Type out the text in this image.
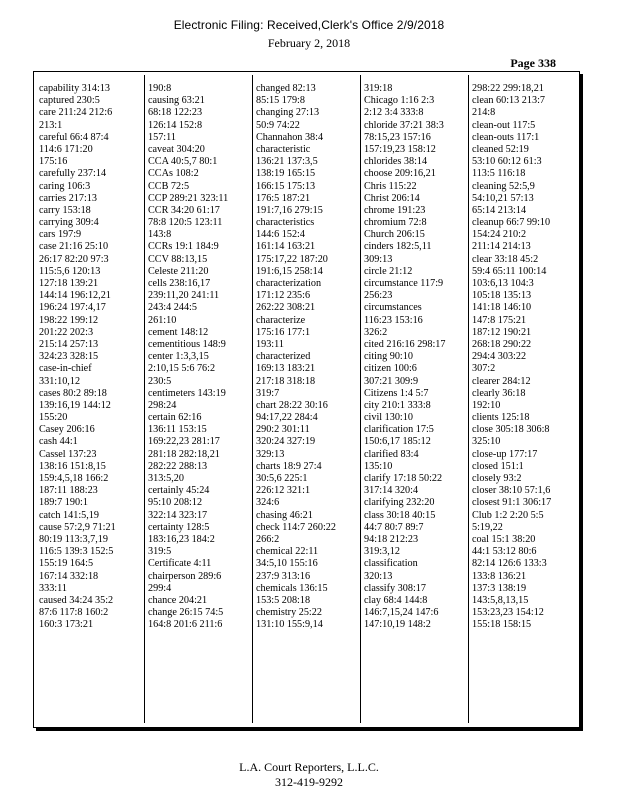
Electronic Filing: Received,Clerk's Office 2/9/2018
February 2, 2018
Page 338
capability 314:13
captured 230:5
care 211:24 212:6
213:1
careful 66:4 87:4
114:6 171:20
175:16
carefully 237:14
caring 106:3
carries 217:13
carry 153:18
carrying 309:4
cars 197:9
case 21:16 25:10
26:17 82:20 97:3
115:5,6 120:13
127:18 139:21
144:14 196:12,21
196:24 197:4,17
198:22 199:12
201:22 202:3
215:14 257:13
324:23 328:15
case-in-chief
331:10,12
cases 80:2 89:18
139:16,19 144:12
155:20
Casey 206:16
cash 44:1
Cassel 137:23
138:16 151:8,15
159:4,5,18 166:2
187:11 188:23
189:7 190:1
catch 141:5,19
cause 57:2,9 71:21
80:19 113:3,7,19
116:5 139:3 152:5
155:19 164:5
167:14 332:18
333:11
caused 34:24 35:2
87:6 117:8 160:2
160:3 173:21
190:8
causing 63:21
68:18 122:23
126:14 152:8
157:11
caveat 304:20
CCA 40:5,7 80:1
CCAs 108:2
CCB 72:5
CCP 289:21 323:11
CCR 34:20 61:17
78:8 120:5 123:11
143:8
CCRs 19:1 184:9
CCV 88:13,15
Celeste 211:20
cells 238:16,17
239:11,20 241:11
243:4 244:5
261:10
cement 148:12
cementitious 148:9
center 1:3,3,15
2:10,15 5:6 76:2
230:5
centimeters 143:19
298:24
certain 62:16
136:11 153:15
169:22,23 281:17
281:18 282:18,21
282:22 288:13
313:5,20
certainly 45:24
95:10 208:12
322:14 323:17
certainty 128:5
183:16,23 184:2
319:5
Certificate 4:11
chairperson 289:6
299:4
chance 204:21
change 26:15 74:5
164:8 201:6 211:6
changed 82:13
85:15 179:8
changing 27:13
50:9 74:22
Channahon 38:4
characteristic
136:21 137:3,5
138:19 165:15
166:15 175:13
176:5 187:21
191:7,16 279:15
characteristics
144:6 152:4
161:14 163:21
175:17,22 187:20
191:6,15 258:14
characterization
171:12 235:6
262:22 308:21
characterize
175:16 177:1
193:11
characterized
169:13 183:21
217:18 318:18
319:7
chart 28:22 30:16
94:17,22 284:4
290:2 301:11
320:24 327:19
329:13
charts 18:9 27:4
30:5,6 225:1
226:12 321:1
324:6
chasing 46:21
check 114:7 260:22
266:2
chemical 22:11
34:5,10 155:16
237:9 313:16
chemicals 136:15
153:5 208:18
chemistry 25:22
131:10 155:9,14
319:18
Chicago 1:16 2:3
2:12 3:4 333:8
chloride 37:21 38:3
78:15,23 157:16
157:19,23 158:12
chlorides 38:14
choose 209:16,21
Chris 115:22
Christ 206:14
chrome 191:23
chromium 72:8
Church 206:15
cinders 182:5,11
309:13
circle 21:12
circumstance 117:9
256:23
circumstances
116:23 153:16
326:2
cited 216:16 298:17
citing 90:10
citizen 100:6
307:21 309:9
Citizens 1:4 5:7
city 210:1 333:8
civil 130:10
clarification 17:5
150:6,17 185:12
clarified 83:4
135:10
clarify 17:18 50:22
317:14 320:4
clarifying 232:20
class 30:18 40:15
44:7 80:7 89:7
94:18 212:23
319:3,12
classification
320:13
classify 308:17
clay 68:4 144:8
146:7,15,24 147:6
147:10,19 148:2
298:22 299:18,21
clean 60:13 213:7
214:8
clean-out 117:5
clean-outs 117:1
cleaned 52:19
53:10 60:12 61:3
113:5 116:18
cleaning 52:5,9
54:10,21 57:13
65:14 213:14
cleanup 66:7 99:10
154:24 210:2
211:14 214:13
clear 33:18 45:2
59:4 65:11 100:14
103:6,13 104:3
105:18 135:13
141:18 146:10
147:8 175:21
187:12 190:21
268:18 290:22
294:4 303:22
307:2
clearer 284:12
clearly 36:18
192:10
clients 125:18
close 305:18 306:8
325:10
close-up 177:17
closed 151:1
closely 93:2
closer 38:10 57:1,6
closest 91:1 306:17
Club 1:2 2:20 5:5
5:19,22
coal 15:1 38:20
44:1 53:12 80:6
82:14 126:6 133:3
133:8 136:21
137:3 138:19
143:5,8,13,15
153:23,23 154:12
155:18 158:15
L.A. Court Reporters, L.L.C.
312-419-9292
